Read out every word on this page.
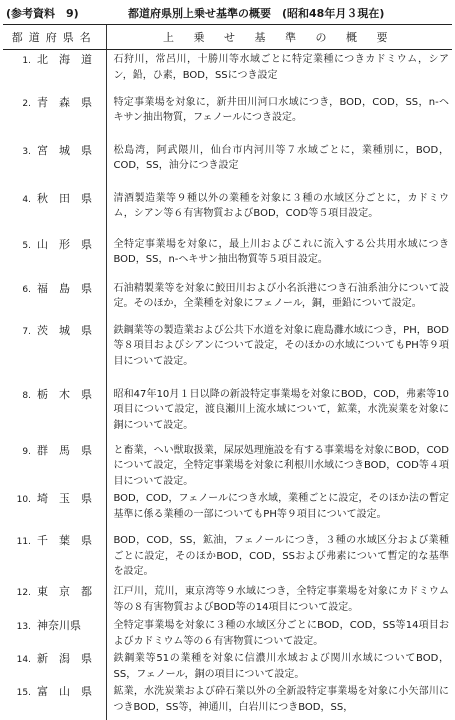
(参考資料　9)	都道府県別上乗せ基準の概要　(昭和48年月３現在)
都道府県名	上 乗 せ 基 準 の 概 要
1. 北　海　道	石狩川，常呂川，十勝川等水域ごとに特定業種につきカドミウム，シアン，鉛，ひ素，BOD，SSにつき設定
2. 青　森　県	特定事業場を対象に，新井田川河口水域につき，BOD，COD，SS，n-ヘキサン抽出物質，フェノールにつき設定。
3. 宮　城　県	松島湾，阿武隈川，仙台市内河川等７水域ごとに，業種別に，BOD，COD，SS，油分につき設定
4. 秋　田　県	清酒製造業等９種以外の業種を対象に３種の水域区分ごとに，カドミウム，シアン等６有害物質およびBOD，COD等５項目設定。
5. 山　形　県	全特定事業場を対象に，最上川およびこれに流入する公共用水域につきBOD，SS，n-ヘキサン抽出物質等５項目設定。
6. 福　島　県	石油精製業等を対象に鮫田川および小名浜港につき石油系油分について設定。そのほか，全業種を対象にフェノール，銅，亜鉛について設定。
7. 茨　城　県	鉄鋼業等の製造業および公共下水道を対象に鹿島灘水域につき，PH，BOD等８項目およびシアンについて設定，そのほかの水域についてもPH等９項目について設定。
8. 栃　木　県	昭和47年10月１日以降の新設特定事業場を対象にBOD，COD，弗素等10項目について設定，渡良瀬川上流水域について，鉱業，水洗炭業を対象に銅について設定。
9. 群　馬　県	と畜業，へい獣取扱業，屎尿処理施設を有する事業場を対象にBOD，CODについて設定，全特定事業場を対象に利根川水域につきBOD，COD等４項目について設定。
10. 埼　玉　県	BOD，COD，フェノールにつき水域，業種ごとに設定，そのほか法の暫定基準に係る業種の一部についてもPH等９項目について設定。
11. 千　葉　県	BOD，COD，SS，鉱油，フェノールにつき，３種の水域区分および業種ごとに設定，そのほかBOD，COD，SSおよび弗素について暫定的な基準を設定。
12. 東　京　都	江戸川，荒川，東京湾等９水域につき，全特定事業場を対象にカドミウム等の８有害物質およびBOD等の14項目について設定。
13. 神奈川県	全特定事業場を対象に３種の水域区分ごとにBOD，COD，SS等14項目およびカドミウム等の６有害物質について設定。
14. 新　潟　県	鉄鋼業等51の業種を対象に信濃川水域および関川水域についてBOD，SS，フェノール，銅の項目について設定。
15. 富　山　県	鉱業，水洗炭業および砕石業以外の全新設特定事業場を対象に小矢部川につきBOD，SS等，神通川，白岩川につきBOD，SS，
